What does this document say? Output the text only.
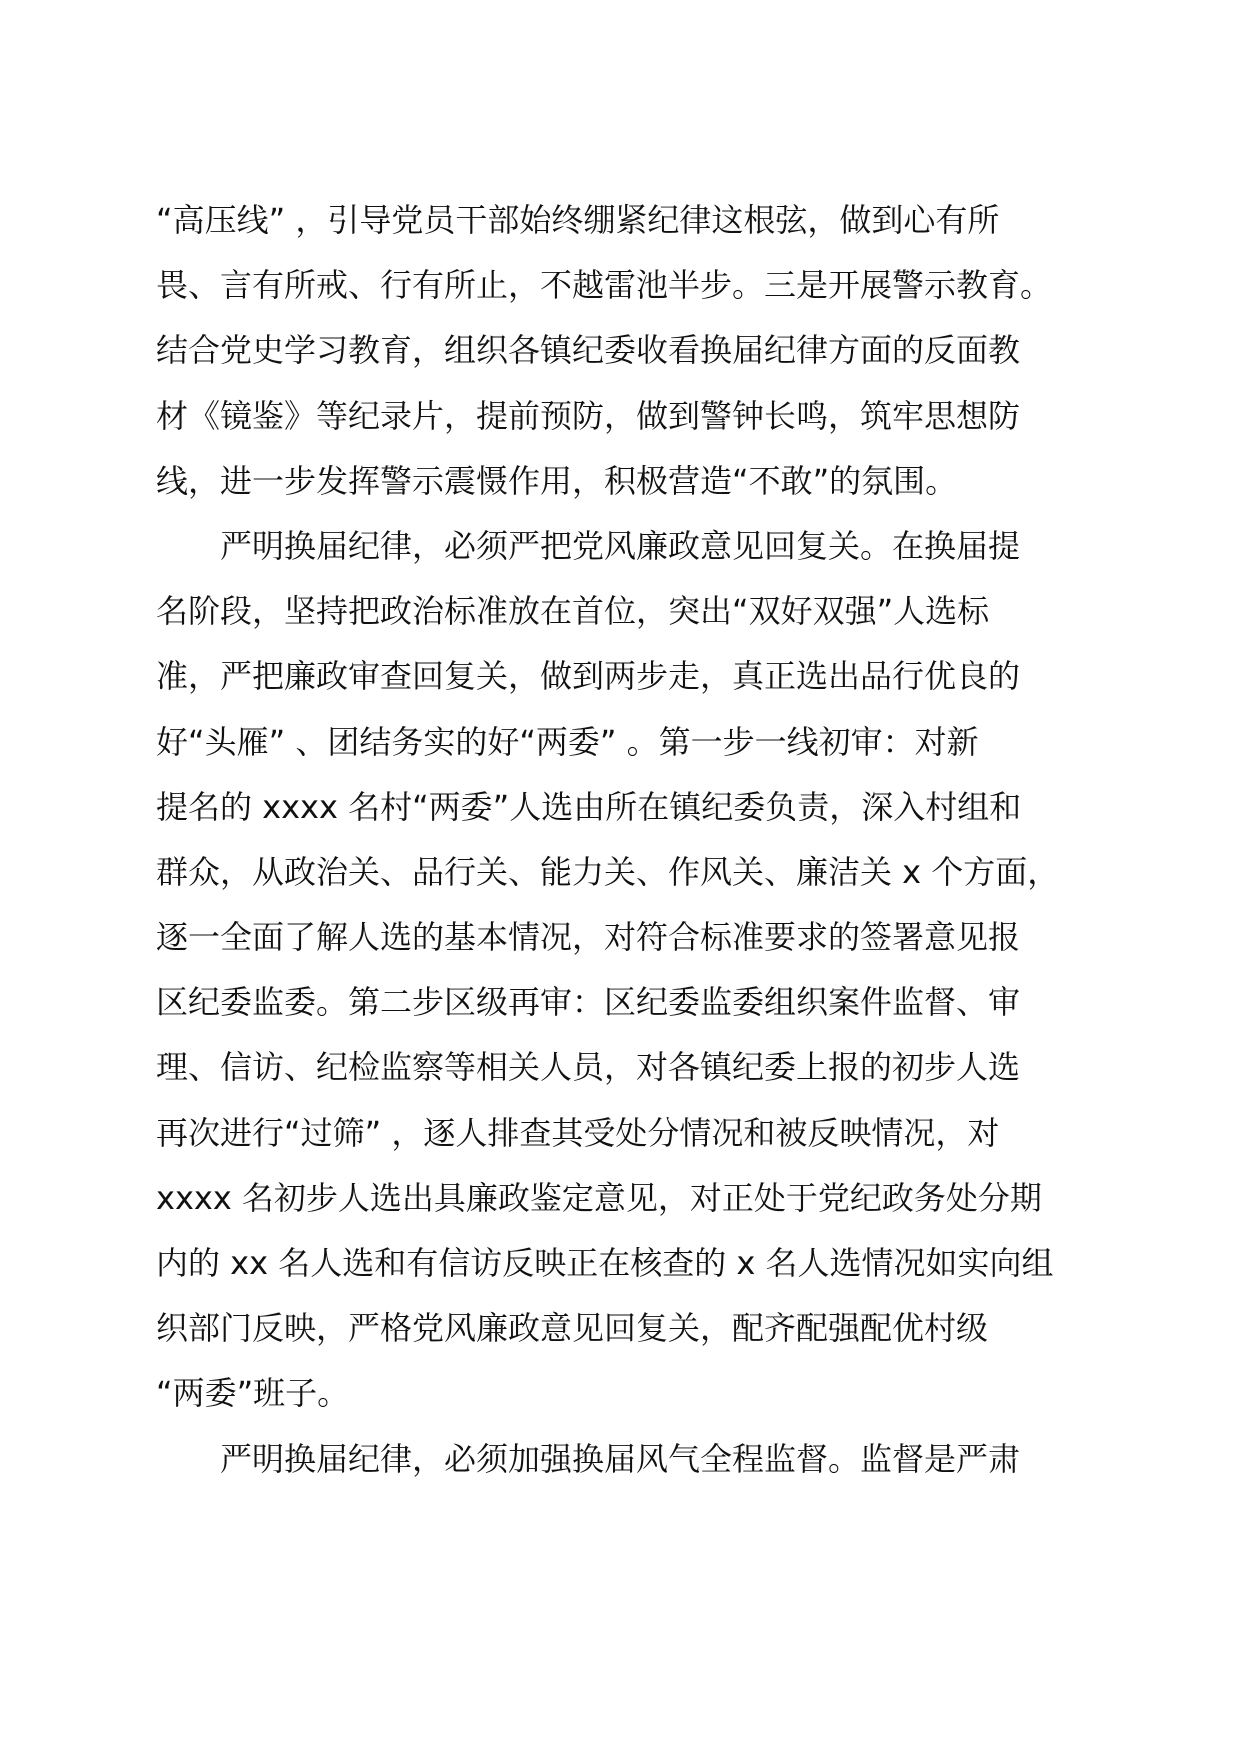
“高压线” ，引导党员干部始终绷紧纪律这根弦，做到心有所
畏、言有所戒、行有所止，不越雷池半步。三是开展警示教育。
结合党史学习教育，组织各镇纪委收看换届纪律方面的反面教
材《镜鉴》等纪录片，提前预防，做到警钟长鸣，筑牢思想防
线，进一步发挥警示震慑作用，积极营造“不敢”的氛围。
严明换届纪律，必须严把党风廉政意见回复关。在换届提
名阶段，坚持把政治标准放在首位，突出“双好双强”人选标
准，严把廉政审查回复关，做到两步走，真正选出品行优良的
好“头雁” 、团结务实的好“两委” 。第一步一线初审：对新
提名的 xxxx 名村“两委”人选由所在镇纪委负责，深入村组和
群众，从政治关、品行关、能力关、作风关、廉洁关 x 个方面，
逐一全面了解人选的基本情况，对符合标准要求的签署意见报
区纪委监委。第二步区级再审：区纪委监委组织案件监督、审
理、信访、纪检监察等相关人员，对各镇纪委上报的初步人选
再次进行“过筛” ，逐人排查其受处分情况和被反映情况，对
xxxx 名初步人选出具廉政鉴定意见，对正处于党纪政务处分期
内的 xx 名人选和有信访反映正在核查的 x 名人选情况如实向组
织部门反映，严格党风廉政意见回复关，配齐配强配优村级
“两委”班子。
严明换届纪律，必须加强换届风气全程监督。监督是严肃
